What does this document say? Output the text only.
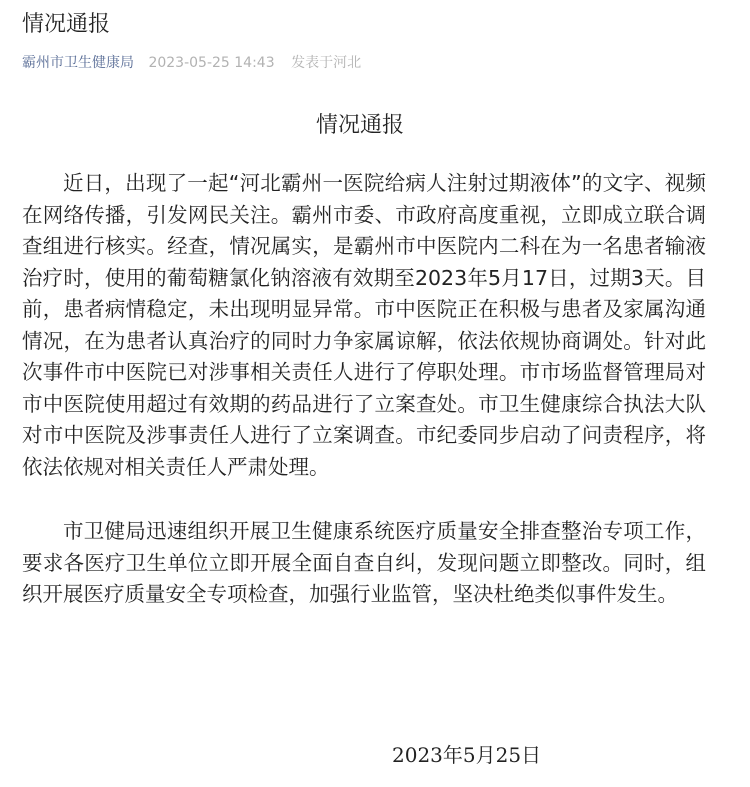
情况通报
霸州市卫生健康局 2023-05-25 14:43 发表于河北
情况通报

近日，出现了一起“河北霸州一医院给病人注射过期液体”的文字、视频在网络传播，引发网民关注。霸州市委、市政府高度重视，立即成立联合调查组进行核实。经查，情况属实，是霸州市中医院内二科在为一名患者输液治疗时，使用的葡萄糖氯化钠溶液有效期至2023年5月17日，过期3天。目前，患者病情稳定，未出现明显异常。市中医院正在积极与患者及家属沟通情况，在为患者认真治疗的同时力争家属谅解，依法依规协商调处。针对此次事件市中医院已对涉事相关责任人进行了停职处理。市市场监督管理局对市中医院使用超过有效期的药品进行了立案查处。市卫生健康综合执法大队对市中医院及涉事责任人进行了立案调查。市纪委同步启动了问责程序，将依法依规对相关责任人严肃处理。

市卫健局迅速组织开展卫生健康系统医疗质量安全排查整治专项工作，要求各医疗卫生单位立即开展全面自查自纠，发现问题立即整改。同时，组织开展医疗质量安全专项检查，加强行业监管，坚决杜绝类似事件发生。

2023年5月25日
